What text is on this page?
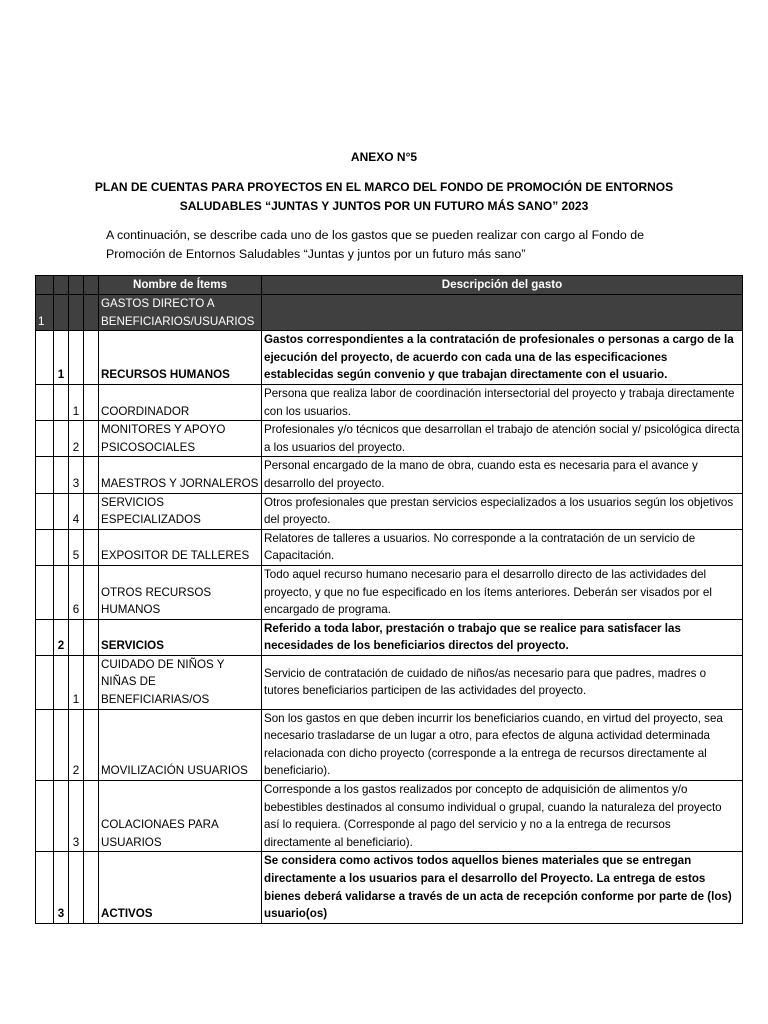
ANEXO N°5
PLAN DE CUENTAS PARA PROYECTOS EN EL MARCO DEL FONDO DE PROMOCIÓN DE ENTORNOS
SALUDABLES “JUNTAS Y JUNTOS POR UN FUTURO MÁS SANO” 2023
A continuación, se describe cada uno de los gastos que se pueden realizar con cargo al Fondo de Promoción de Entornos Saludables “Juntas y juntos por un futuro más sano”
				Nombre de Ítems	Descripción del gasto
1				GASTOS DIRECTO A BENEFICIARIOS/USUARIOS	
	1			RECURSOS HUMANOS	Gastos correspondientes a la contratación de profesionales o personas a cargo de la ejecución del proyecto, de acuerdo con cada una de las especificaciones establecidas según convenio y que trabajan directamente con el usuario.
		1		COORDINADOR	Persona que realiza labor de coordinación intersectorial del proyecto y trabaja directamente con los usuarios.
		2		MONITORES Y APOYO PSICOSOCIALES	Profesionales y/o técnicos que desarrollan el trabajo de atención social y/ psicológica directa a los usuarios del proyecto.
		3		MAESTROS Y JORNALEROS	Personal encargado de la mano de obra, cuando esta es necesaria para el avance y desarrollo del proyecto.
		4		SERVICIOS ESPECIALIZADOS	Otros profesionales que prestan servicios especializados a los usuarios según los objetivos del proyecto.
		5		EXPOSITOR DE TALLERES	Relatores de talleres a usuarios. No corresponde a la contratación de un servicio de Capacitación.
		6		OTROS RECURSOS HUMANOS	Todo aquel recurso humano necesario para el desarrollo directo de las actividades del proyecto, y que no fue especificado en los ítems anteriores. Deberán ser visados por el encargado de programa.
	2			SERVICIOS	Referido a toda labor, prestación o trabajo que se realice para satisfacer las necesidades de los beneficiarios directos del proyecto.
		1		CUIDADO DE NIÑOS Y NIÑAS DE BENEFICIARIAS/OS	Servicio de contratación de cuidado de niños/as necesario para que padres, madres o tutores beneficiarios participen de las actividades del proyecto.
		2		MOVILIZACIÓN USUARIOS	Son los gastos en que deben incurrir los beneficiarios cuando, en virtud del proyecto, sea necesario trasladarse de un lugar a otro, para efectos de alguna actividad determinada relacionada con dicho proyecto (corresponde a la entrega de recursos directamente al beneficiario).
		3		COLACIONAES PARA USUARIOS	Corresponde a los gastos realizados por concepto de adquisición de alimentos y/o bebestibles destinados al consumo individual o grupal, cuando la naturaleza del proyecto así lo requiera. (Corresponde al pago del servicio y no a la entrega de recursos directamente al beneficiario).
	3			ACTIVOS	Se considera como activos todos aquellos bienes materiales que se entregan directamente a los usuarios para el desarrollo del Proyecto. La entrega de estos bienes deberá validarse a través de un acta de recepción conforme por parte de (los) usuario(os)
